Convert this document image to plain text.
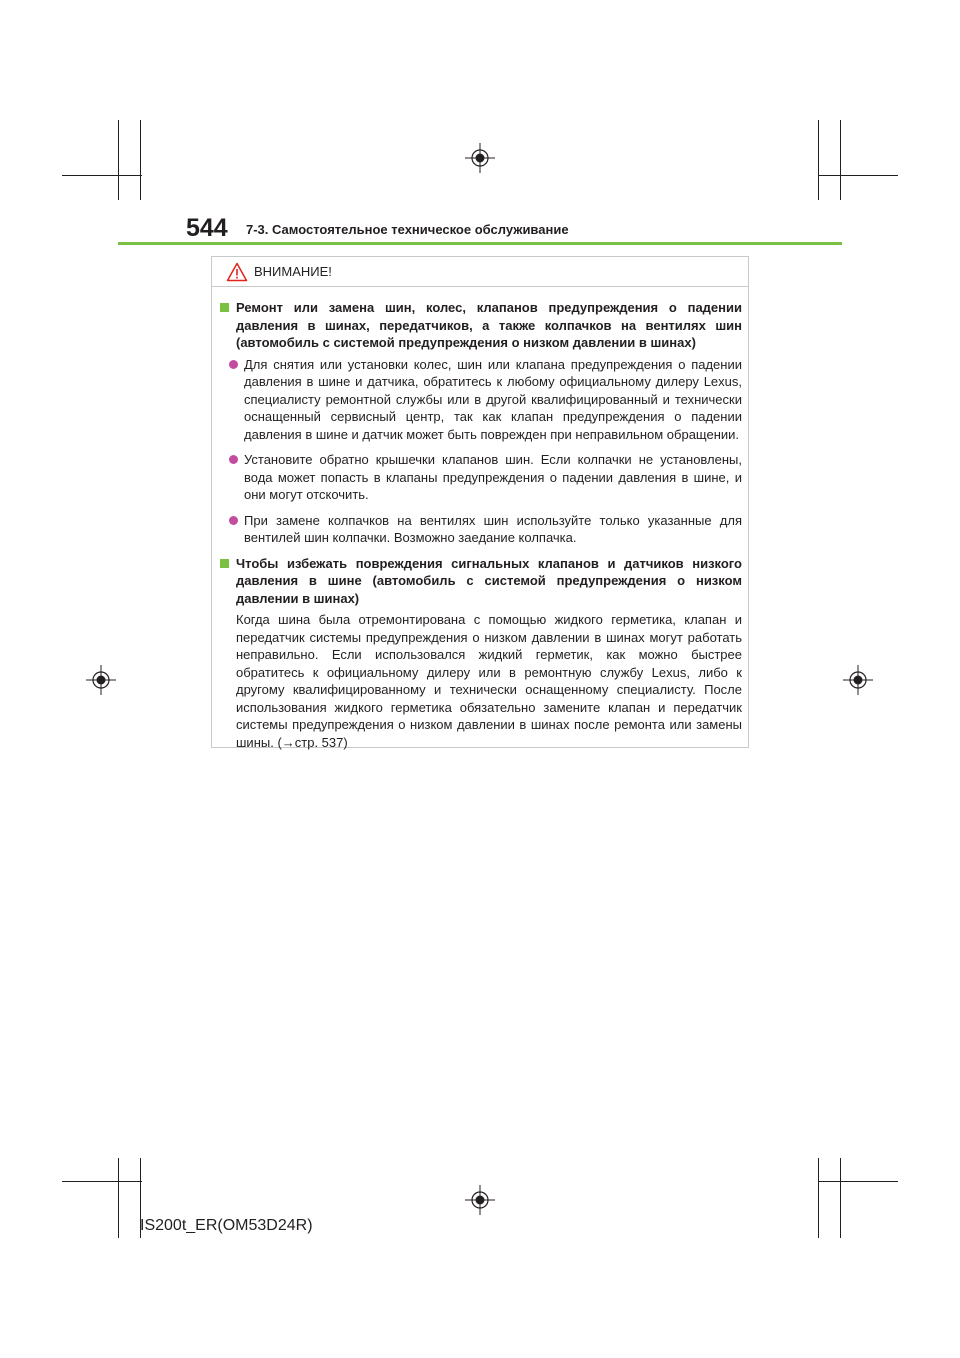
544 7-3. Самостоятельное техническое обслуживание
ВНИМАНИЕ!
Ремонт или замена шин, колес, клапанов предупреждения о падении давления в шинах, передатчиков, а также колпачков на вентилях шин (автомобиль с системой предупреждения о низком давлении в шинах)
Для снятия или установки колес, шин или клапана предупреждения о падении давления в шине и датчика, обратитесь к любому официальному дилеру Lexus, специалисту ремонтной службы или в другой квалифицированный и технически оснащенный сервисный центр, так как клапан предупреждения о падении давления в шине и датчик может быть поврежден при неправильном обращении.
Установите обратно крышечки клапанов шин. Если колпачки не установлены, вода может попасть в клапаны предупреждения о падении давления в шине, и они могут отскочить.
При замене колпачков на вентилях шин используйте только указанные для вентилей шин колпачки. Возможно заедание колпачка.
Чтобы избежать повреждения сигнальных клапанов и датчиков низкого давления в шине (автомобиль с системой предупреждения о низком давлении в шинах)
Когда шина была отремонтирована с помощью жидкого герметика, клапан и передатчик системы предупреждения о низком давлении в шинах могут работать неправильно. Если использовался жидкий герметик, как можно быстрее обратитесь к официальному дилеру или в ремонтную службу Lexus, либо к другому квалифицированному и технически оснащенному специалисту. После использования жидкого герметика обязательно замените клапан и передатчик системы предупреждения о низком давлении в шинах после ремонта или замены шины. (→стр. 537)
IS200t_ER(OM53D24R)
